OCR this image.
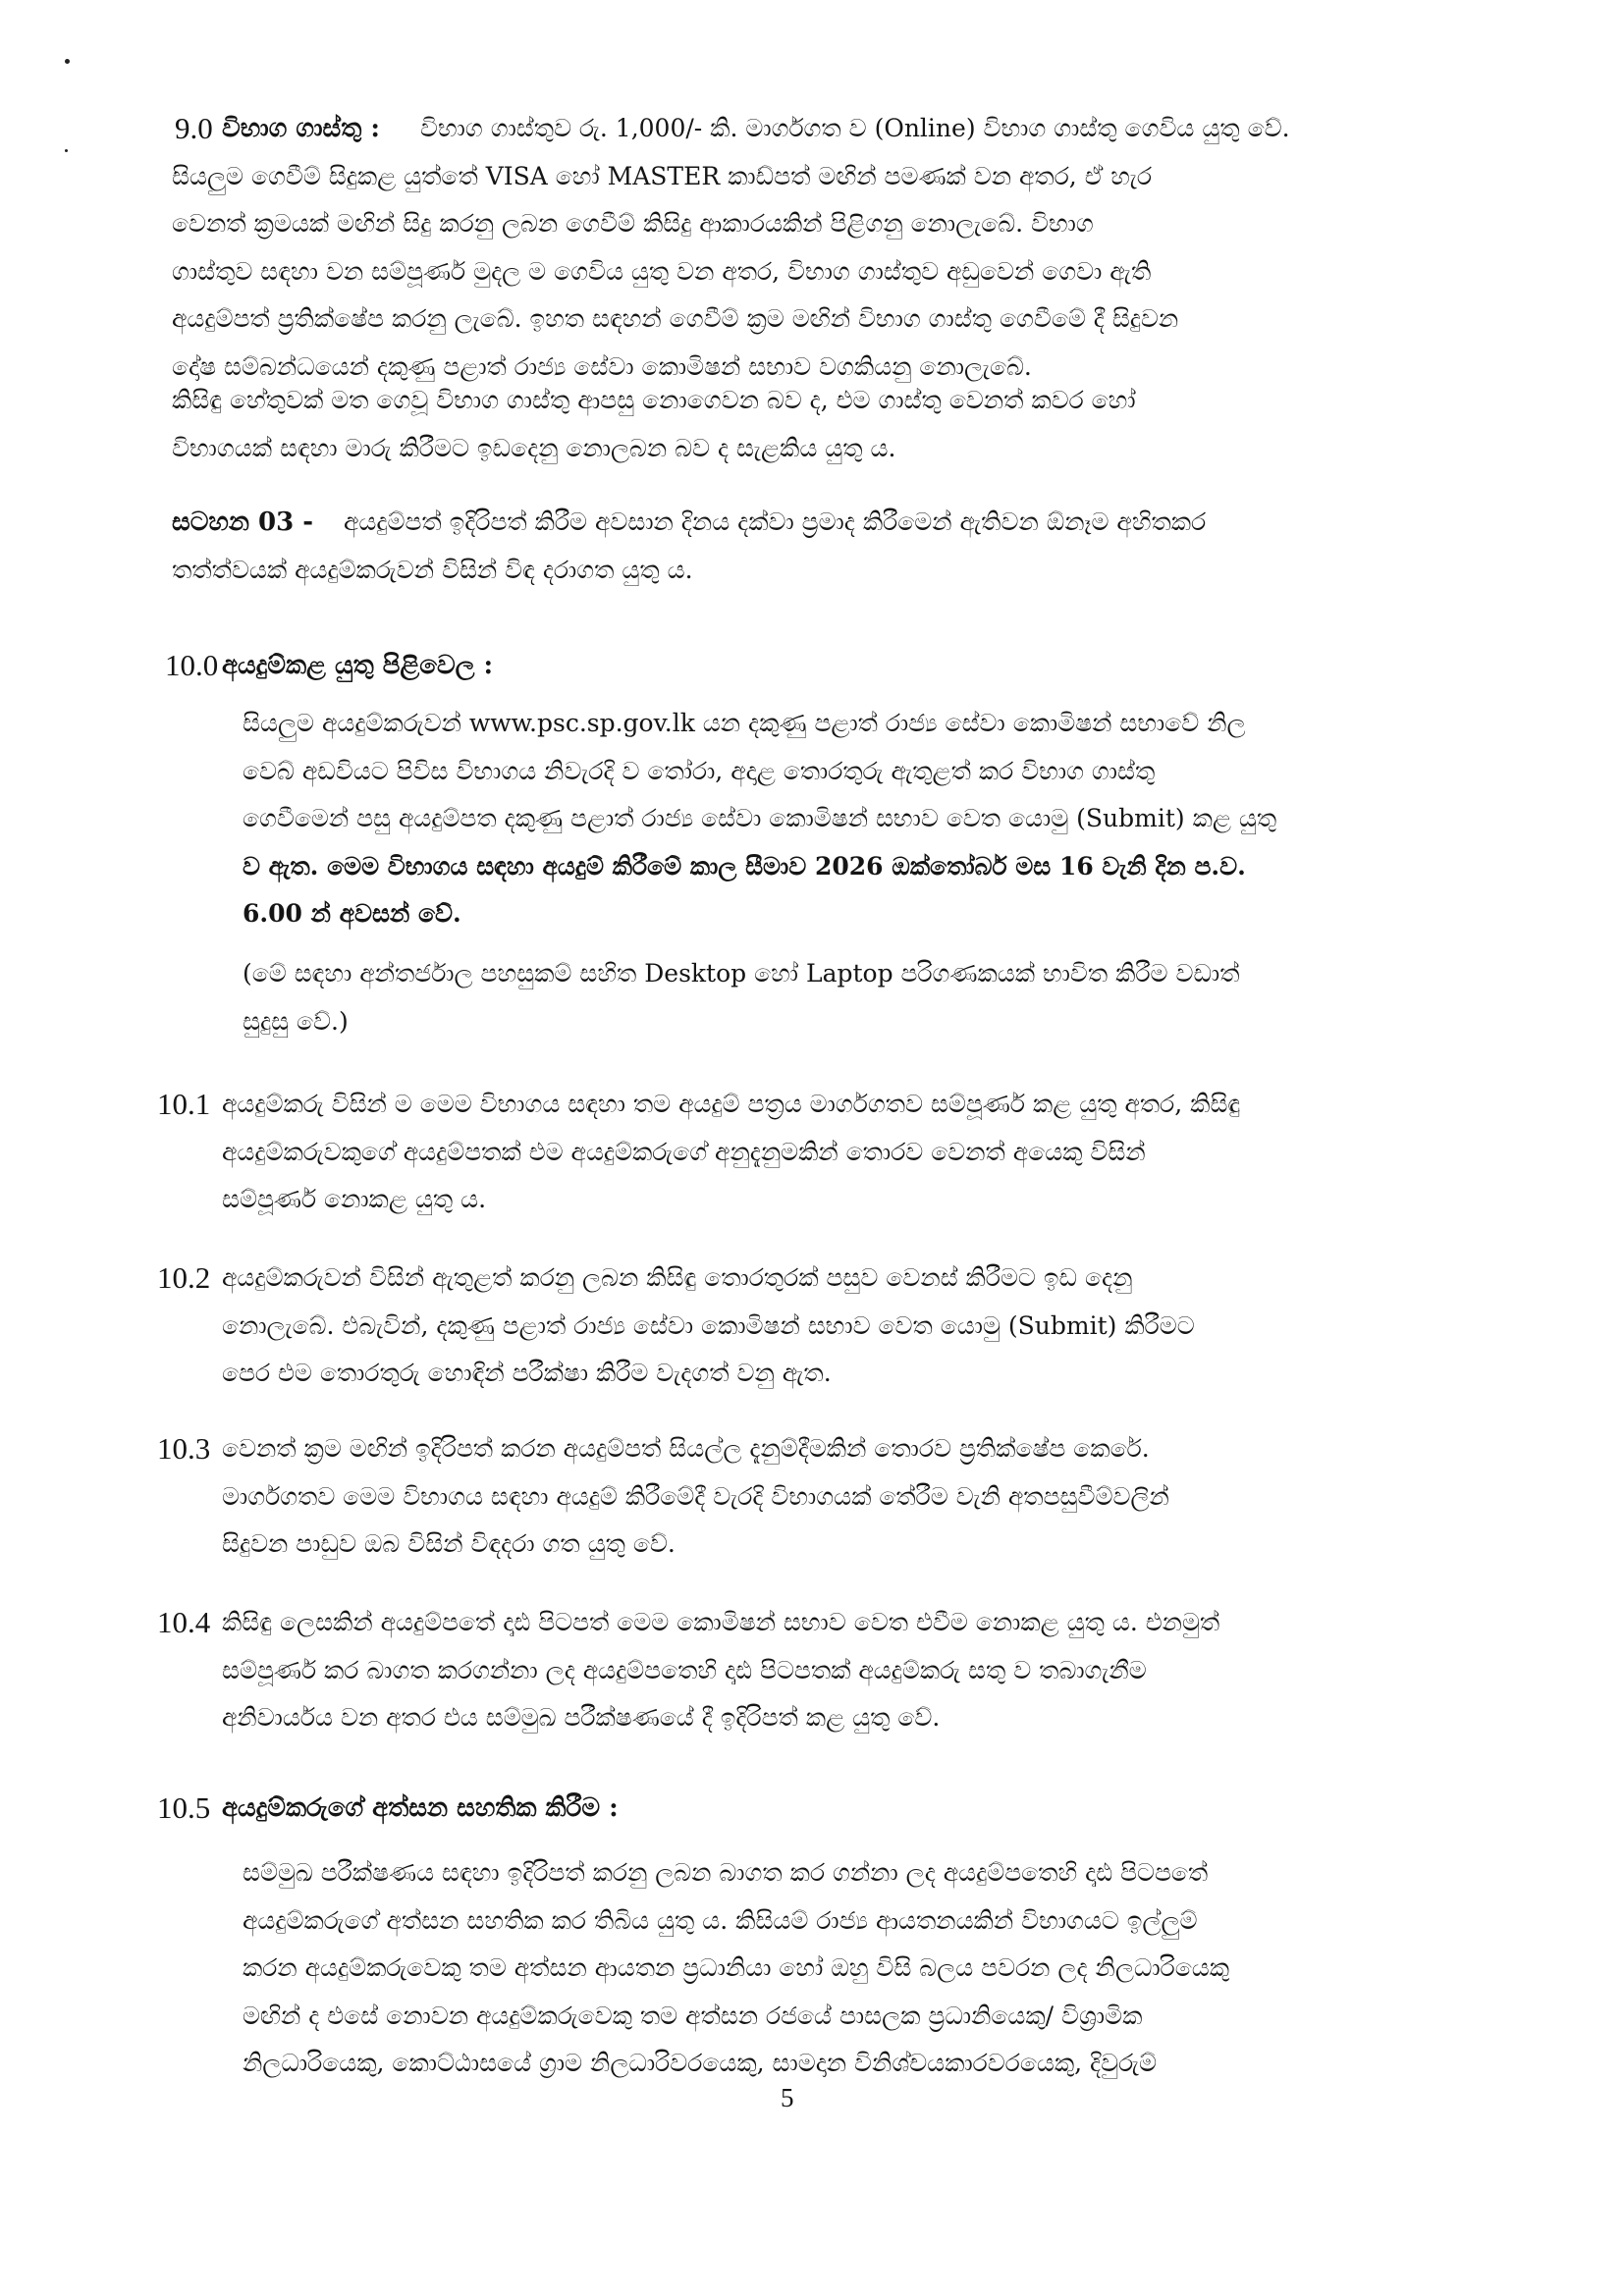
9.0 විභාග ගාස්තු :	විභාග ගාස්තුව රු. 1,000/- කි. මාර්ගගත ව (Online) විභාග ගාස්තු ගෙවිය යුතු වේ.
සියලුම ගෙවීම් සිදුකළ යුත්තේ VISA හෝ MASTER කාඩ්පත් මඟින් පමණක් වන අතර, ඒ හැර
වෙනත් ක්‍රමයක් මඟින් සිදු කරනු ලබන ගෙවීම් කිසිදු ආකාරයකින් පිළිගනු නොලැබේ. විභාග
ගාස්තුව සඳහා වන සම්පූර්ණ මුදල ම ගෙවිය යුතු වන අතර, විභාග ගාස්තුව අඩුවෙන් ගෙවා ඇති
අයදුම්පත් ප්‍රතික්ෂේප කරනු ලැබේ. ඉහත සඳහන් ගෙවීම් ක්‍රම මඟින් විභාග ගාස්තු ගෙවීමේ දී සිදුවන
දෝෂ සම්බන්ධයෙන් දකුණු පළාත් රාජ්‍ය සේවා කොමිෂන් සභාව වගකියනු නොලැබේ.
කිසිඳු හේතුවක් මත ගෙවූ විභාග ගාස්තු ආපසු නොගෙවන බව ද, එම ගාස්තු වෙනත් කවර හෝ
විභාගයක් සඳහා මාරු කිරීමට ඉඩදෙනු නොලබන බව ද සැළකිය යුතු ය.
සටහන 03 -	අයදුම්පත් ඉදිරිපත් කිරීම අවසාන දිනය දක්වා ප්‍රමාද කිරීමෙන් ඇතිවන ඕනෑම අහිතකර
තත්ත්වයක් අයදුම්කරුවන් විසින් විඳ දරාගත යුතු ය.
10.0 අයදුම්කළ යුතු පිළිවෙල :
සියලුම අයදුම්කරුවන් www.psc.sp.gov.lk යන දකුණු පළාත් රාජ්‍ය සේවා කොමිෂන් සභාවේ නිල
වෙබ් අඩවියට පිවිස විභාගය නිවැරදි ව තෝරා, අදාළ තොරතුරු ඇතුළත් කර විභාග ගාස්තු
ගෙවීමෙන් පසු අයදුම්පත දකුණු පළාත් රාජ්‍ය සේවා කොමිෂන් සභාව වෙත යොමු (Submit) කළ යුතු
ව ඇත. මෙම විභාගය සඳහා අයදුම් කිරීමේ කාල සීමාව 2026 ඔක්තෝබර් මස 16 වැනි දින ප.ව.
6.00 න් අවසන් වේ.
(මේ සඳහා අන්තර්ජාල පහසුකම් සහිත Desktop හෝ Laptop පරිගණකයක් භාවිත කිරීම වඩාත්
සුදුසු වේ.)
10.1 අයදුම්කරු විසින් ම මෙම විභාගය සඳහා තම අයදුම් පත්‍රය මාර්ගගතව සම්පූර්ණ කළ යුතු අතර, කිසිඳු
අයදුම්කරුවකුගේ අයදුම්පතක් එම අයදුම්කරුගේ අනුදැනුමකින් තොරව වෙනත් අයෙකු විසින්
සම්පූර්ණ නොකළ යුතු ය.
10.2 අයදුම්කරුවන් විසින් ඇතුළත් කරනු ලබන කිසිඳු තොරතුරක් පසුව වෙනස් කිරීමට ඉඩ දෙනු
නොලැබේ. එබැවින්, දකුණු පළාත් රාජ්‍ය සේවා කොමිෂන් සභාව වෙත යොමු (Submit) කිරීමට
පෙර එම තොරතුරු හොඳින් පරීක්ෂා කිරීම වැදගත් වනු ඇත.
10.3 වෙනත් ක්‍රම මඟින් ඉදිරිපත් කරන අයදුම්පත් සියල්ල දැනුම්දීමකින් තොරව ප්‍රතික්ෂේප කෙරේ.
මාර්ගගතව මෙම විභාගය සඳහා අයදුම් කිරීමේදී වැරදි විභාගයක් තේරීම වැනි අතපසුවීම්වලින්
සිදුවන පාඩුව ඔබ විසින් විඳදරා ගත යුතු වේ.
10.4 කිසිඳු ලෙසකින් අයදුම්පතේ දෘඪ පිටපත් මෙම කොමිෂන් සභාව වෙත එවීම නොකළ යුතු ය. එනමුත්
සම්පූර්ණ කර බාගත කරගන්නා ලද අයදුම්පතෙහි දෘඪ පිටපතක් අයදුම්කරු සතු ව තබාගැනීම
අනිවාර්යය වන අතර එය සම්මුඛ පරීක්ෂණයේ දී ඉදිරිපත් කළ යුතු වේ.
10.5 අයදුම්කරුගේ අත්සන සහතික කිරීම :
සම්මුඛ පරීක්ෂණය සඳහා ඉදිරිපත් කරනු ලබන බාගත කර ගන්නා ලද අයදුම්පතෙහි දෘඪ පිටපතේ
අයදුම්කරුගේ අත්සන සහතික කර තිබිය යුතු ය. කිසියම් රාජ්‍ය ආයතනයකින් විභාගයට ඉල්ලුම්
කරන අයදුම්කරුවෙකු තම අත්සන ආයතන ප්‍රධානියා හෝ ඔහු විසි බලය පවරන ලද නිලධාරියෙකු
මඟින් ද එසේ නොවන අයදුම්කරුවෙකු තම අත්සන රජයේ පාසලක ප්‍රධානියෙකු/ විශ්‍රාමික
නිලධාරියෙකු, කොට්ඨාසයේ ග්‍රාම නිලධාරිවරයෙකු, සාමදාන විනිශ්චයකාරවරයෙකු, දිවුරුම්
5
